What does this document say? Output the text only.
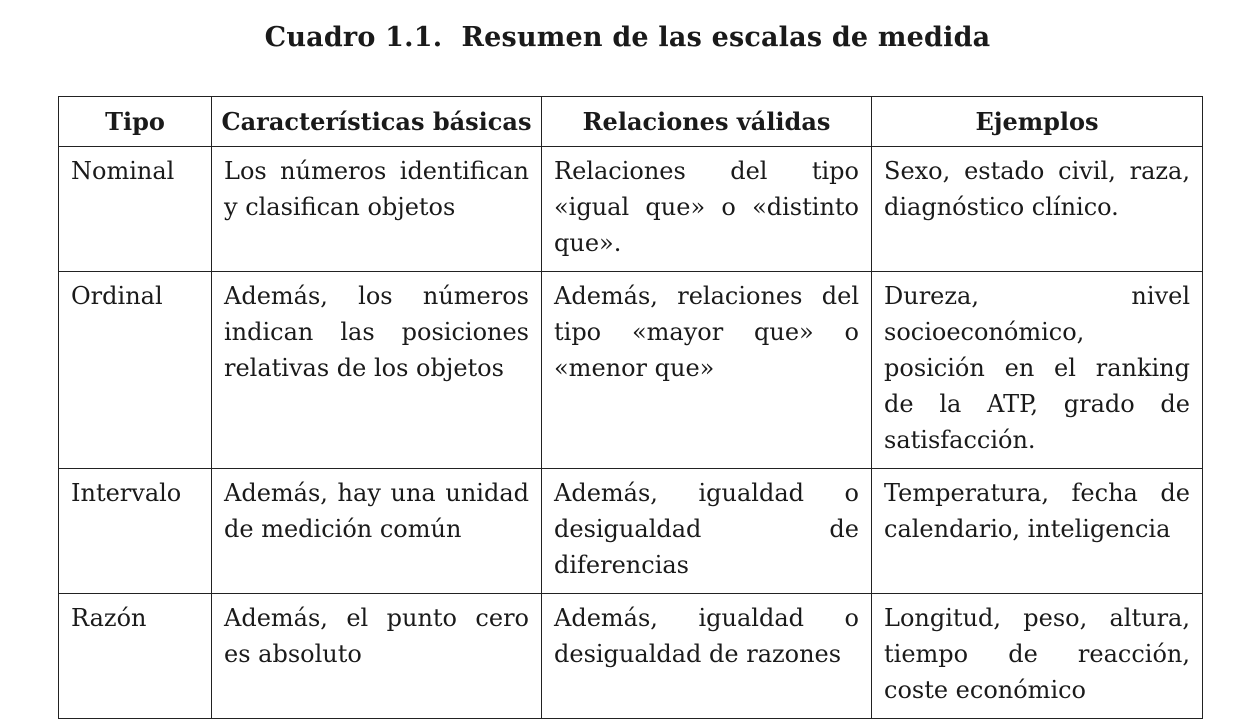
Cuadro 1.1. Resumen de las escalas de medida
Tipo	Características básicas	Relaciones válidas	Ejemplos
Nominal	Los números identifican y clasifican objetos	Relaciones del tipo «igual que» o «distinto que».	Sexo, estado civil, raza, diagnóstico clínico.
Ordinal	Además, los números indican las posiciones relativas de los objetos	Además, relaciones del tipo «mayor que» o «menor que»	Dureza, nivel socioeconómico, posición en el ranking de la ATP, grado de satisfacción.
Intervalo	Además, hay una unidad de medición común	Además, igualdad o desigualdad de diferencias	Temperatura, fecha de calendario, inteligencia
Razón	Además, el punto cero es absoluto	Además, igualdad o desigualdad de razones	Longitud, peso, altura, tiempo de reacción, coste económico
